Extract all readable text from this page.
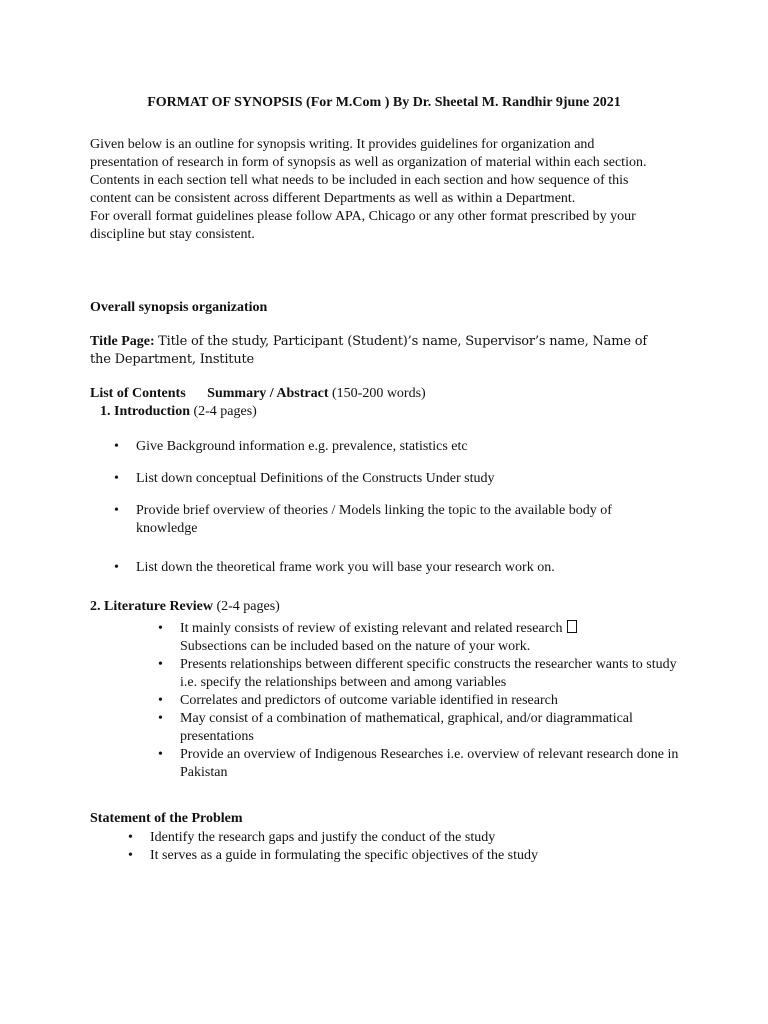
FORMAT OF SYNOPSIS (For M.Com ) By Dr. Sheetal M. Randhir 9june 2021

Given below is an outline for synopsis writing. It provides guidelines for organization and presentation of research in form of synopsis as well as organization of material within each section. Contents in each section tell what needs to be included in each section and how sequence of this content can be consistent across different Departments as well as within a Department.

For overall format guidelines please follow APA, Chicago or any other format prescribed by your discipline but stay consistent.

Overall synopsis organization
Title Page: Title of the study, Participant (Student)’s name, Supervisor’s name, Name of the Department, Institute
List of Contents Summary / Abstract (150-200 words)
1. Introduction (2-4 pages)
• Give Background information e.g. prevalence, statistics etc
• List down conceptual Definitions of the Constructs Under study
• Provide brief overview of theories / Models linking the topic to the available body of knowledge
• List down the theoretical frame work you will base your research work on.
2. Literature Review (2-4 pages)
• It mainly consists of review of existing relevant and related research
Subsections can be included based on the nature of your work.
• Presents relationships between different specific constructs the researcher wants to study i.e. specify the relationships between and among variables
• Correlates and predictors of outcome variable identified in research
• May consist of a combination of mathematical, graphical, and/or diagrammatical presentations
• Provide an overview of Indigenous Researches i.e. overview of relevant research done in Pakistan
Statement of the Problem
• Identify the research gaps and justify the conduct of the study
• It serves as a guide in formulating the specific objectives of the study
